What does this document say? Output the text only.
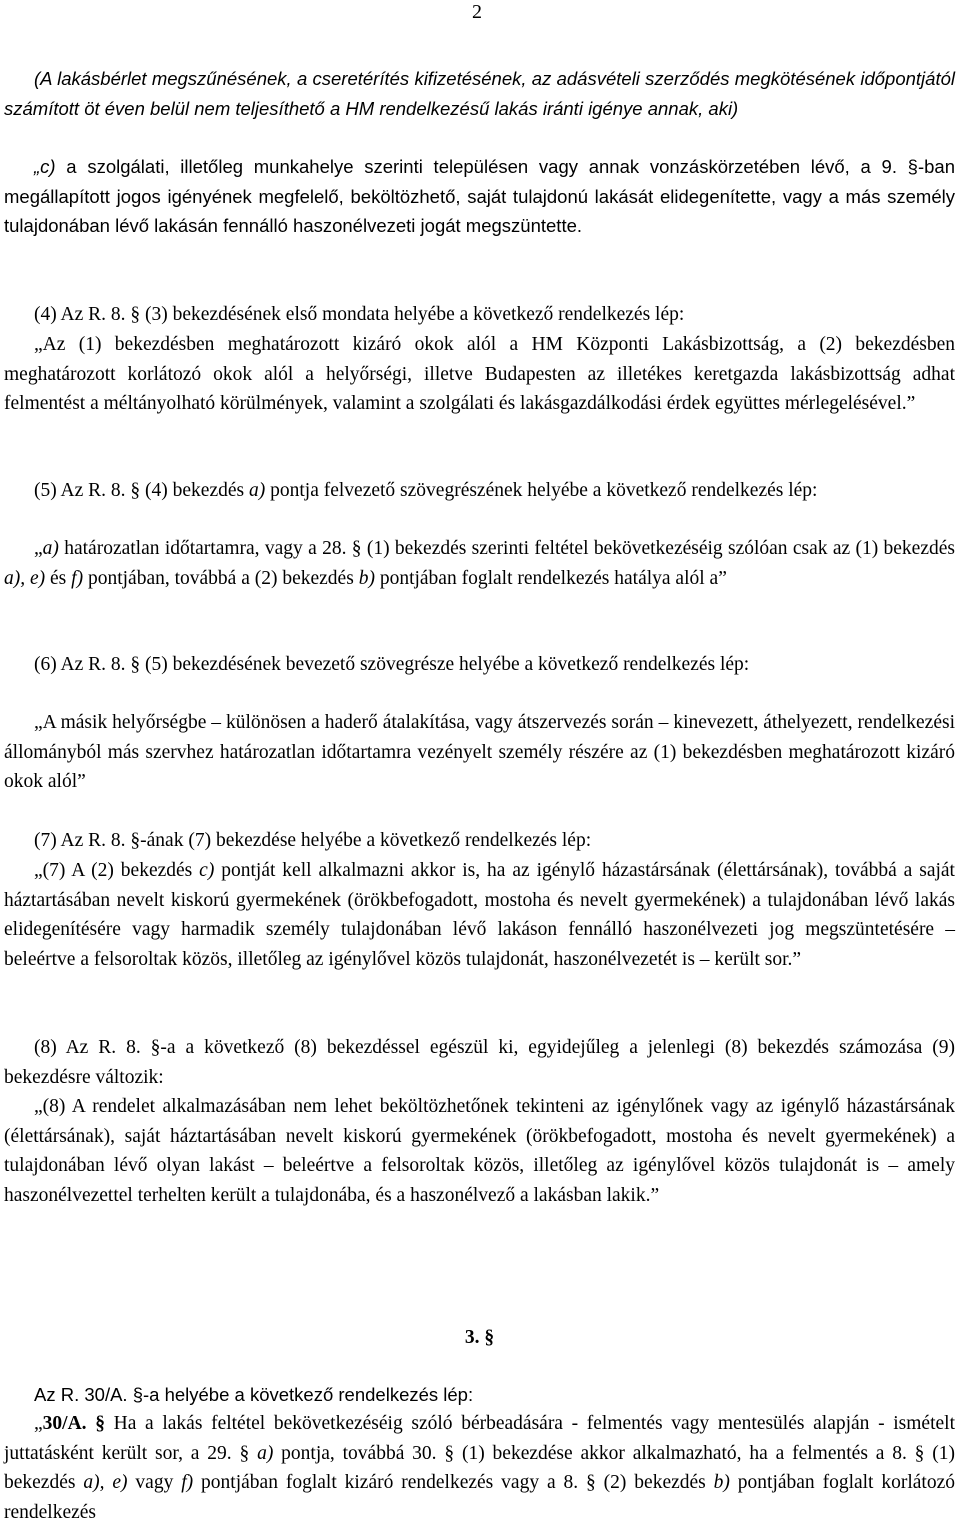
2

(A lakásbérlet megszűnésének, a cseretérítés kifizetésének, az adásvételi szerződés megkötésének időpontjától számított öt éven belül nem teljesíthető a HM rendelkezésű lakás iránti igénye annak, aki)

„c) a szolgálati, illetőleg munkahelye szerinti településen vagy annak vonzáskörzetében lévő, a 9. §-ban megállapított jogos igényének megfelelő, beköltözhető, saját tulajdonú lakását elidegenítette, vagy a más személy tulajdonában lévő lakásán fennálló haszonélvezeti jogát megszüntette.

(4) Az R. 8. § (3) bekezdésének első mondata helyébe a következő rendelkezés lép:

„Az (1) bekezdésben meghatározott kizáró okok alól a HM Központi Lakásbizottság, a (2) bekezdésben meghatározott korlátozó okok alól a helyőrségi, illetve Budapesten az illetékes keretgazda lakásbizottság adhat felmentést a méltányolható körülmények, valamint a szolgálati és lakásgazdálkodási érdek együttes mérlegelésével.”

(5) Az R. 8. § (4) bekezdés a) pontja felvezető szövegrészének helyébe a következő rendelkezés lép:

„a) határozatlan időtartamra, vagy a 28. § (1) bekezdés szerinti feltétel bekövetkezéséig szólóan csak az (1) bekezdés a), e) és f) pontjában, továbbá a (2) bekezdés b) pontjában foglalt rendelkezés hatálya alól a”

(6) Az R. 8. § (5) bekezdésének bevezető szövegrésze helyébe a következő rendelkezés lép:

„A másik helyőrségbe – különösen a haderő átalakítása, vagy átszervezés során – kinevezett, áthelyezett, rendelkezési állományból más szervhez határozatlan időtartamra vezényelt személy részére az (1) bekezdésben meghatározott kizáró okok alól”

(7) Az R. 8. §-ának (7) bekezdése helyébe a következő rendelkezés lép:

„(7) A (2) bekezdés c) pontját kell alkalmazni akkor is, ha az igénylő házastársának (élettársának), továbbá a saját háztartásában nevelt kiskorú gyermekének (örökbefogadott, mostoha és nevelt gyermekének) a tulajdonában lévő lakás elidegenítésére vagy harmadik személy tulajdonában lévő lakáson fennálló haszonélvezeti jog megszüntetésére – beleértve a felsoroltak közös, illetőleg az igénylővel közös tulajdonát, haszonélvezetét is – került sor.”

(8) Az R. 8. §-a a következő (8) bekezdéssel egészül ki, egyidejűleg a jelenlegi (8) bekezdés számozása (9) bekezdésre változik:

„(8) A rendelet alkalmazásában nem lehet beköltözhetőnek tekinteni az igénylőnek vagy az igénylő házastársának (élettársának), saját háztartásában nevelt kiskorú gyermekének (örökbefogadott, mostoha és nevelt gyermekének) a tulajdonában lévő olyan lakást – beleértve a felsoroltak közös, illetőleg az igénylővel közös tulajdonát is – amely haszonélvezettel terhelten került a tulajdonába, és a haszonélvező a lakásban lakik.”

3. §

Az R. 30/A. §-a helyébe a következő rendelkezés lép:

„30/A. § Ha a lakás feltétel bekövetkezéséig szóló bérbeadására - felmentés vagy mentesülés alapján - ismételt juttatásként került sor, a 29. § a) pontja, továbbá 30. § (1) bekezdése akkor alkalmazható, ha a felmentés a 8. § (1) bekezdés a), e) vagy f) pontjában foglalt kizáró rendelkezés vagy a 8. § (2) bekezdés b) pontjában foglalt korlátozó rendelkezés
